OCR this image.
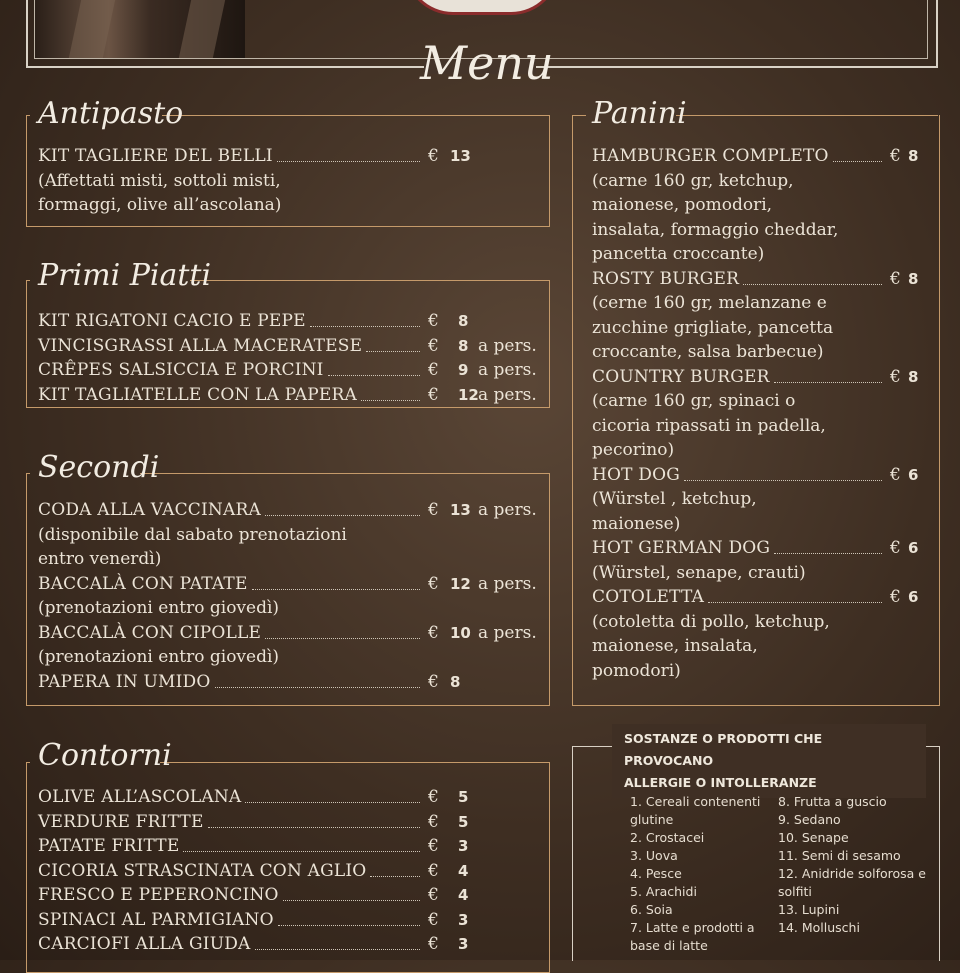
Menu
Antipasto
KIT TAGLIERE DEL BELLI	€ 13
(Affettati misti, sottoli misti,
formaggi, olive all’ascolana)
Primi Piatti
KIT RIGATONI CACIO E PEPE	€ 8
VINCISGRASSI ALLA MACERATESE	€ 8 a pers.
CRÊPES SALSICCIA E PORCINI	€ 9 a pers.
KIT TAGLIATELLE CON LA PAPERA	€ 12 a pers.
Secondi
CODA ALLA VACCINARA	€ 13 a pers.
(disponibile dal sabato prenotazioni
entro venerdì)
BACCALÀ CON PATATE	€ 12 a pers.
(prenotazioni entro giovedì)
BACCALÀ CON CIPOLLE	€ 10 a pers.
(prenotazioni entro giovedì)
PAPERA IN UMIDO	€ 8
Contorni
OLIVE ALL’ASCOLANA	€ 5
VERDURE FRITTE	€ 5
PATATE FRITTE	€ 3
CICORIA STRASCINATA CON AGLIO	€ 4
FRESCO E PEPERONCINO	€ 4
SPINACI AL PARMIGIANO	€ 3
CARCIOFI ALLA GIUDA	€ 3
Panini
HAMBURGER COMPLETO	€ 8
(carne 160 gr, ketchup,
maionese, pomodori,
insalata, formaggio cheddar,
pancetta croccante)
ROSTY BURGER	€ 8
(cerne 160 gr, melanzane e
zucchine grigliate, pancetta
croccante, salsa barbecue)
COUNTRY BURGER	€ 8
(carne 160 gr, spinaci o
cicoria ripassati in padella,
pecorino)
HOT DOG	€ 6
(Würstel , ketchup,
maionese)
HOT GERMAN DOG	€ 6
(Würstel, senape, crauti)
COTOLETTA	€ 6
(cotoletta di pollo, ketchup,
maionese, insalata,
pomodori)
SOSTANZE O PRODOTTI CHE PROVOCANO
ALLERGIE O INTOLLERANZE
1. Cereali contenenti
glutine
2. Crostacei
3. Uova
4. Pesce
5. Arachidi
6. Soia
7. Latte e prodotti a
base di latte
8. Frutta a guscio
9. Sedano
10. Senape
11. Semi di sesamo
12. Anidride solforosa e
solfiti
13. Lupini
14. Molluschi
